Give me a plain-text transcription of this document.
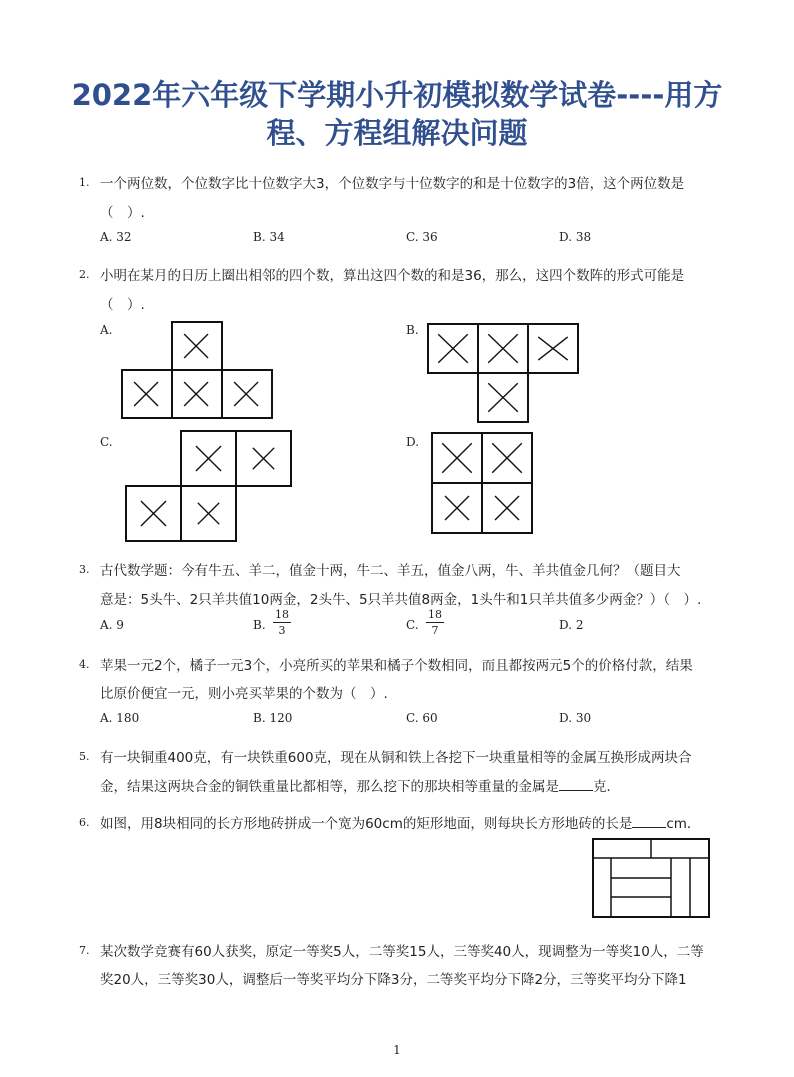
2022年六年级下学期小升初模拟数学试卷----用方
程、方程组解决问题
1. 一个两位数，个位数字比十位数字大3，个位数字与十位数字的和是十位数字的3倍，这个两位数是
（　）.
A. 32	B. 34	C. 36	D. 38
2. 小明在某月的日历上圈出相邻的四个数，算出这四个数的和是36，那么，这四个数阵的形式可能是
（　）.
A.	B.
C.	D.
3. 古代数学题：今有牛五、羊二，值金十两，牛二、羊五，值金八两，牛、羊共值金几何？（题目大
意是：5头牛、2只羊共值10两金，2头牛、5只羊共值8两金，1头牛和1只羊共值多少两金？）（　）.
A. 9	B.
18
3	C.
18
7	D. 2
4. 苹果一元2个，橘子一元3个，小亮所买的苹果和橘子个数相同，而且都按两元5个的价格付款，结果
比原价便宜一元，则小亮买苹果的个数为（　）.
A. 180	B. 120	C. 60	D. 30
5. 有一块铜重400克，有一块铁重600克，现在从铜和铁上各挖下一块重量相等的金属互换形成两块合
金，结果这两块合金的铜铁重量比都相等，那么挖下的那块相等重量的金属是	克．
6. 如图，用8块相同的长方形地砖拼成一个宽为60cm的矩形地面，则每块长方形地砖的长是	cm．
7. 某次数学竞赛有60人获奖，原定一等奖5人，二等奖15人，三等奖40人，现调整为一等奖10人，二等
奖20人，三等奖30人，调整后一等奖平均分下降3分，二等奖平均分下降2分，三等奖平均分下降1
1
